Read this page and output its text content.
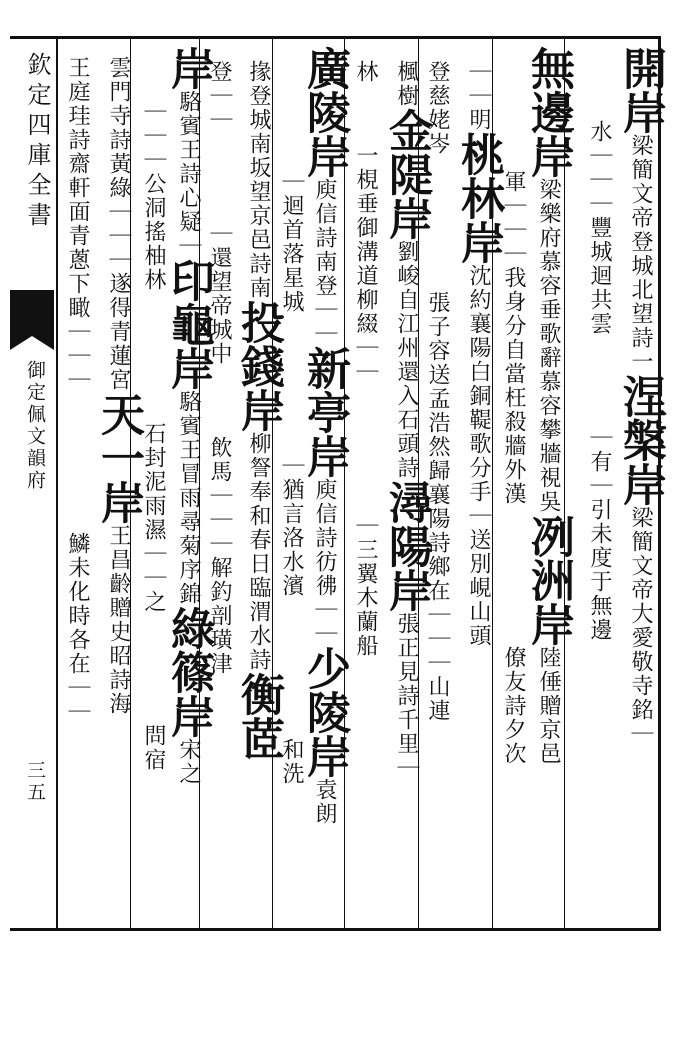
欽定四庫全書
御定佩文韻府
三五
開岸梁簡文帝登城北望詩一涅槃岸梁簡文帝大愛敬寺銘｜
水｜｜｜豐城迴共雲｜有｜引未度于無邊
無邊岸梁樂府慕容垂歌辭慕容攀牆視吳冽洲岸陸倕贈京邑
軍｜｜｜我身分自當枉殺牆外漢僚友詩夕次
｜｜明桃林岸沈約襄陽白銅鞮歌分手｜送別峴山頭
登慈姥岑張子容送孟浩然歸襄陽詩鄉在｜｜｜山連
楓樹金隄岸劉峻自江州還入石頭詩潯陽岸張正見詩千里｜
林一梘垂御溝道柳綴｜｜｜三翼木蘭船
廣陵岸庾信詩南登｜｜新亭岸庾信詩彷彿｜｜少陵岸袁朗
｜迴首落星城｜猶言洛水濱和洗
掾登城南坂望京邑詩南投錢岸柳詧奉和春日臨渭水詩衡茝
登｜｜｜還望帝城中飲馬｜｜｜解釣剖璜津
岸駱賓王詩心疑｜印龜岸駱賓王冒雨尋菊序錦綠篠岸宋之
｜｜｜公洞搖柚林石封泥雨濕｜｜之問宿
雲門寺詩黃綠｜｜｜遂得青蓮宮天一岸王昌齡贈史昭詩海
王庭珪詩齋軒面青蔥下瞰｜｜｜鱗未化時各在｜｜
